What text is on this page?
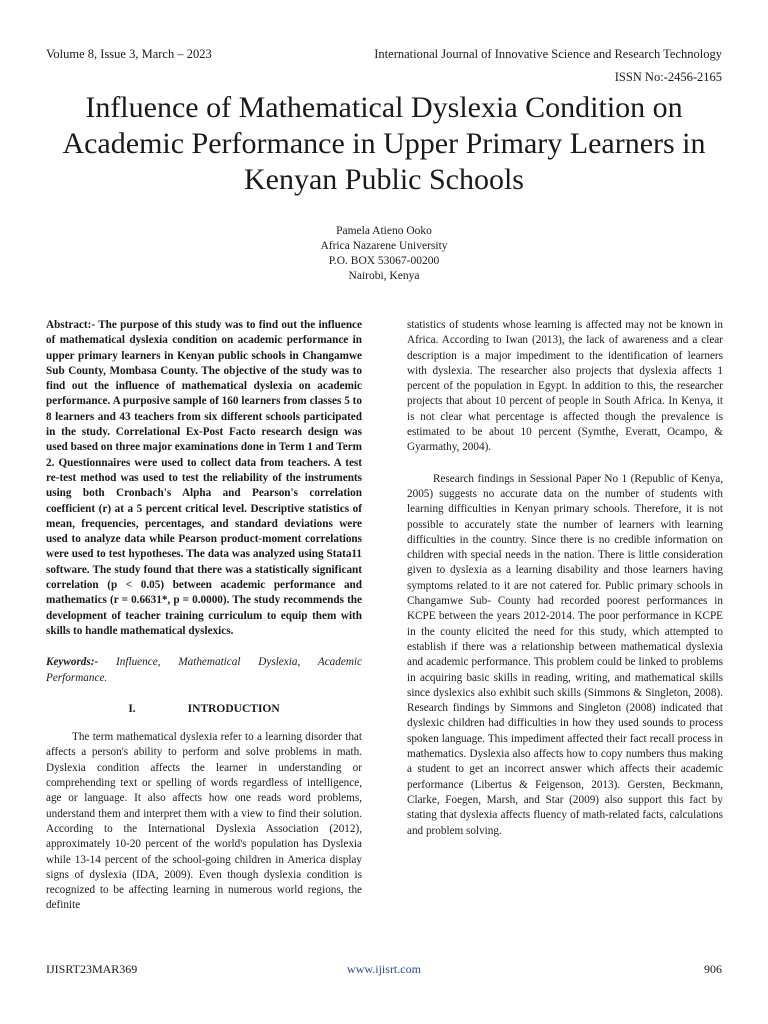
Volume 8, Issue 3, March – 2023	International Journal of Innovative Science and Research Technology
ISSN No:-2456-2165
Influence of Mathematical Dyslexia Condition on Academic Performance in Upper Primary Learners in Kenyan Public Schools
Pamela Atieno Ooko
Africa Nazarene University
P.O. BOX 53067-00200
Nairobi, Kenya

Abstract:- The purpose of this study was to find out the influence of mathematical dyslexia condition on academic performance in upper primary learners in Kenyan public schools in Changamwe Sub County, Mombasa County. The objective of the study was to find out the influence of mathematical dyslexia on academic performance. A purposive sample of 160 learners from classes 5 to 8 learners and 43 teachers from six different schools participated in the study. Correlational Ex-Post Facto research design was used based on three major examinations done in Term 1 and Term 2. Questionnaires were used to collect data from teachers. A test re-test method was used to test the reliability of the instruments using both Cronbach's Alpha and Pearson's correlation coefficient (r) at a 5 percent critical level. Descriptive statistics of mean, frequencies, percentages, and standard deviations were used to analyze data while Pearson product-moment correlations were used to test hypotheses. The data was analyzed using Stata11 software. The study found that there was a statistically significant correlation (p < 0.05) between academic performance and mathematics (r = 0.6631*, p = 0.0000). The study recommends the development of teacher training curriculum to equip them with skills to handle mathematical dyslexics.

Keywords:- Influence, Mathematical Dyslexia, Academic Performance.

I.	INTRODUCTION

The term mathematical dyslexia refer to a learning disorder that affects a person's ability to perform and solve problems in math. Dyslexia condition affects the learner in understanding or comprehending text or spelling of words regardless of intelligence, age or language. It also affects how one reads word problems, understand them and interpret them with a view to find their solution. According to the International Dyslexia Association (2012), approximately 10-20 percent of the world's population has Dyslexia while 13-14 percent of the school-going children in America display signs of dyslexia (IDA, 2009). Even though dyslexia condition is recognized to be affecting learning in numerous world regions, the definite

statistics of students whose learning is affected may not be known in Africa. According to Iwan (2013), the lack of awareness and a clear description is a major impediment to the identification of learners with dyslexia. The researcher also projects that dyslexia affects 1 percent of the population in Egypt. In addition to this, the researcher projects that about 10 percent of people in South Africa. In Kenya, it is not clear what percentage is affected though the prevalence is estimated to be about 10 percent (Symthe, Everatt, Ocampo, & Gyarmathy, 2004).

Research findings in Sessional Paper No 1 (Republic of Kenya, 2005) suggests no accurate data on the number of students with learning difficulties in Kenyan primary schools. Therefore, it is not possible to accurately state the number of learners with learning difficulties in the country. Since there is no credible information on children with special needs in the nation. There is little consideration given to dyslexia as a learning disability and those learners having symptoms related to it are not catered for. Public primary schools in Changamwe Sub- County had recorded poorest performances in KCPE between the years 2012-2014. The poor performance in KCPE in the county elicited the need for this study, which attempted to establish if there was a relationship between mathematical dyslexia and academic performance. This problem could be linked to problems in acquiring basic skills in reading, writing, and mathematical skills since dyslexics also exhibit such skills (Simmons & Singleton, 2008). Research findings by Simmons and Singleton (2008) indicated that dyslexic children had difficulties in how they used sounds to process spoken language. This impediment affected their fact recall process in mathematics. Dyslexia also affects how to copy numbers thus making a student to get an incorrect answer which affects their academic performance (Libertus & Feigenson, 2013). Gersten, Beckmann, Clarke, Foegen, Marsh, and Star (2009) also support this fact by stating that dyslexia affects fluency of math-related facts, calculations and problem solving.

IJISRT23MAR369	www.ijisrt.com	906
